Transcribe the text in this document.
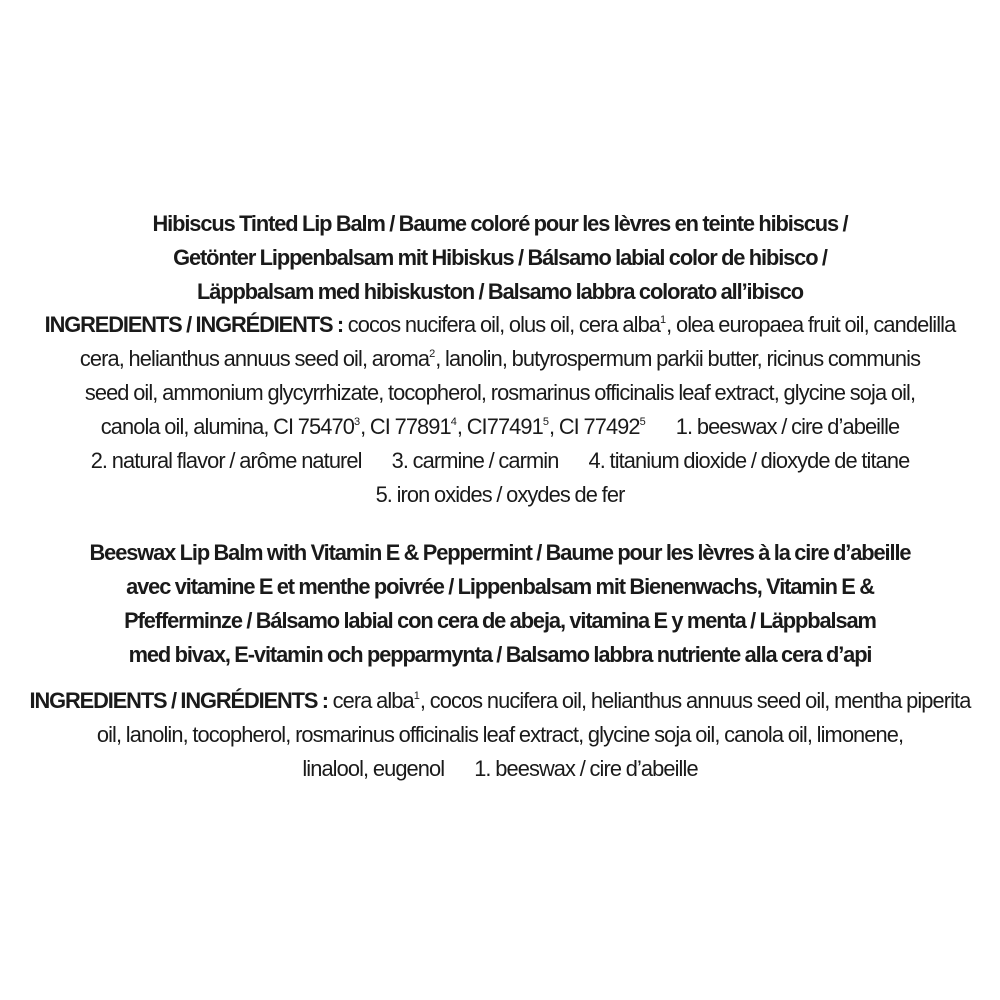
Hibiscus Tinted Lip Balm / Baume coloré pour les lèvres en teinte hibiscus /
Getönter Lippenbalsam mit Hibiskus / Bálsamo labial color de hibisco /
Läppbalsam med hibiskuston / Balsamo labbra colorato all’ibisco
INGREDIENTS / INGRÉDIENTS : cocos nucifera oil, olus oil, cera alba$^1$, olea europaea fruit oil, candelilla
cera, helianthus annuus seed oil, aroma$^2$, lanolin, butyrospermum parkii butter, ricinus communis
seed oil, ammonium glycyrrhizate, tocopherol, rosmarinus officinalis leaf extract, glycine soja oil,
canola oil, alumina, CI 75470$^3$, CI 77891$^4$, CI77491$^5$, CI 77492$^5$ 1. beeswax / cire d’abeille
2. natural flavor / arôme naturel 3. carmine / carmin 4. titanium dioxide / dioxyde de titane
5. iron oxides / oxydes de fer
Beeswax Lip Balm with Vitamin E & Peppermint / Baume pour les lèvres à la cire d’abeille
avec vitamine E et menthe poivrée / Lippenbalsam mit Bienenwachs, Vitamin E &
Pfefferminze / Bálsamo labial con cera de abeja, vitamina E y menta / Läppbalsam
med bivax, E-vitamin och pepparmynta / Balsamo labbra nutriente alla cera d’api
INGREDIENTS / INGRÉDIENTS : cera alba$^1$, cocos nucifera oil, helianthus annuus seed oil, mentha piperita
oil, lanolin, tocopherol, rosmarinus officinalis leaf extract, glycine soja oil, canola oil, limonene,
linalool, eugenol 1. beeswax / cire d’abeille
